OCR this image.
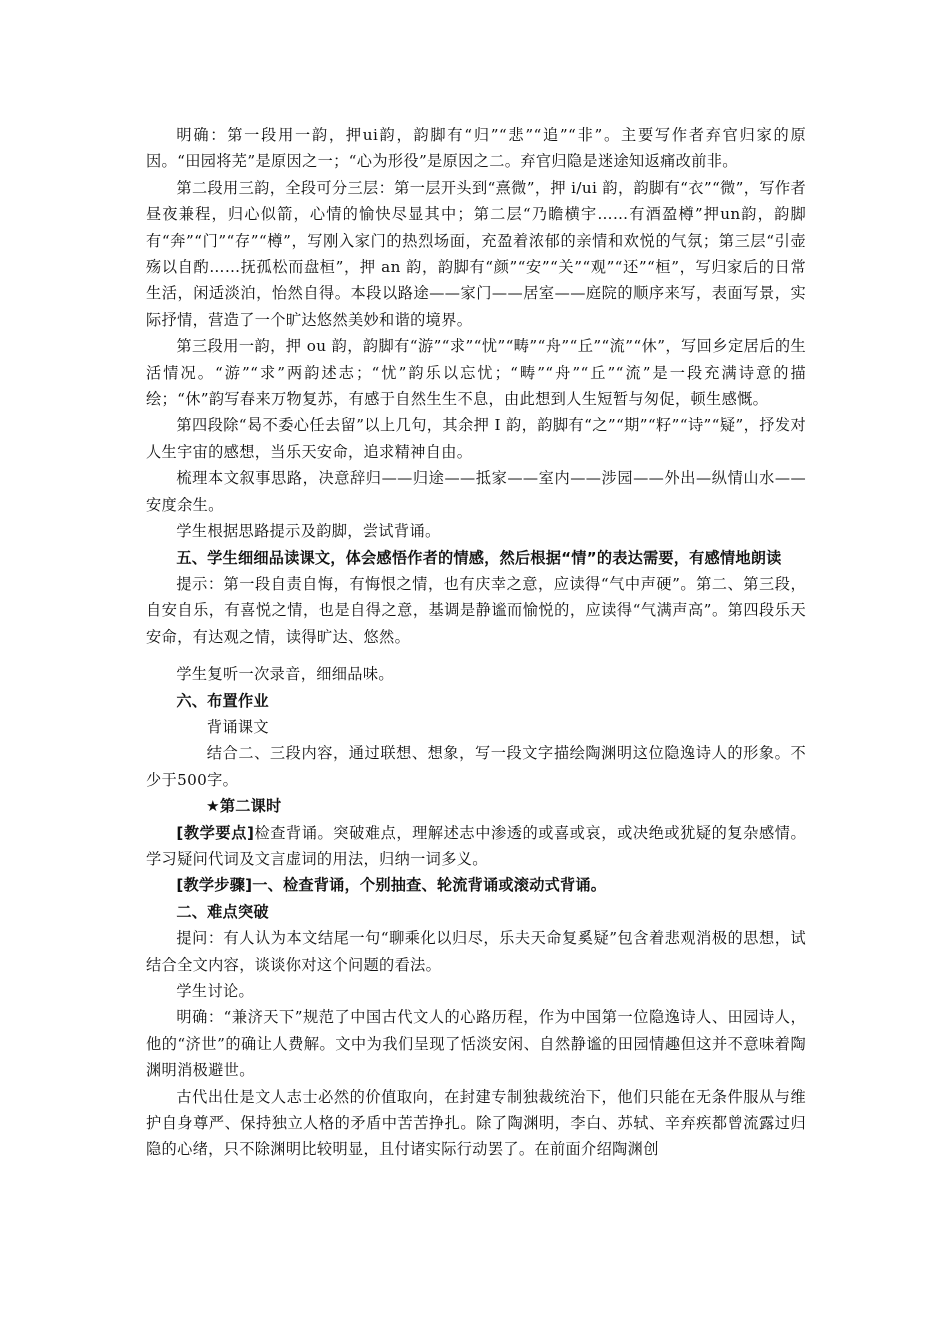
明确：第一段用一韵，押ui韵，韵脚有“归”“悲”“追”“非”。主要写作者弃官归家的原因。“田园将芜”是原因之一；“心为形役”是原因之二。弃官归隐是迷途知返痛改前非。

第二段用三韵，全段可分三层：第一层开头到“熹微”，押 i/ui 韵，韵脚有“衣”“微”，写作者昼夜兼程，归心似箭，心情的愉快尽显其中；第二层“乃瞻横宇……有酒盈樽”押un韵，韵脚有“奔”“门”“存”“樽”，写刚入家门的热烈场面，充盈着浓郁的亲情和欢悦的气氛；第三层“引壶殇以自酌……抚孤松而盘桓”，押 an 韵，韵脚有“颜”“安”“关”“观”“还”“桓”，写归家后的日常生活，闲适淡泊，怡然自得。本段以路途——家门——居室——庭院的顺序来写，表面写景，实际抒情，营造了一个旷达悠然美妙和谐的境界。

第三段用一韵，押 ou 韵，韵脚有“游”“求”“忧”“畴”“舟”“丘”“流”“休”，写回乡定居后的生活情况。“游”“求”两韵述志；“忧”韵乐以忘忧；“畴”“舟”“丘”“流”是一段充满诗意的描绘；“休”韵写春来万物复苏，有感于自然生生不息，由此想到人生短暂与匆促，顿生感慨。

第四段除“曷不委心任去留”以上几句，其余押 I 韵，韵脚有“之”“期”“籽”“诗”“疑”，抒发对人生宇宙的感想，当乐天安命，追求精神自由。

梳理本文叙事思路，决意辞归——归途——抵家——室内——涉园——外出—纵情山水——安度余生。

学生根据思路提示及韵脚，尝试背诵。

五、学生细细品读课文，体会感悟作者的情感，然后根据“情”的表达需要，有感情地朗读

提示：第一段自责自悔，有悔恨之情，也有庆幸之意，应读得“气中声硬”。第二、第三段，自安自乐，有喜悦之情，也是自得之意，基调是静谧而愉悦的，应读得“气满声高”。第四段乐天安命，有达观之情，读得旷达、悠然。

学生复听一次录音，细细品味。

六、布置作业

背诵课文

结合二、三段内容，通过联想、想象，写一段文字描绘陶渊明这位隐逸诗人的形象。不少于500字。

★第二课时

[教学要点]检查背诵。突破难点，理解述志中渗透的或喜或哀，或决绝或犹疑的复杂感情。学习疑问代词及文言虚词的用法，归纳一词多义。

[教学步骤]一、检查背诵，个别抽查、轮流背诵或滚动式背诵。

二、难点突破

提问：有人认为本文结尾一句“聊乘化以归尽，乐夫天命复奚疑”包含着悲观消极的思想，试结合全文内容，谈谈你对这个问题的看法。

学生讨论。

明确：“兼济天下”规范了中国古代文人的心路历程，作为中国第一位隐逸诗人、田园诗人，他的“济世”的确让人费解。文中为我们呈现了恬淡安闲、自然静谧的田园情趣但这并不意味着陶渊明消极避世。

古代出仕是文人志士必然的价值取向，在封建专制独裁统治下，他们只能在无条件服从与维护自身尊严、保持独立人格的矛盾中苦苦挣扎。除了陶渊明，李白、苏轼、辛弃疾都曾流露过归隐的心绪，只不除渊明比较明显，且付诸实际行动罢了。在前面介绍陶渊创
